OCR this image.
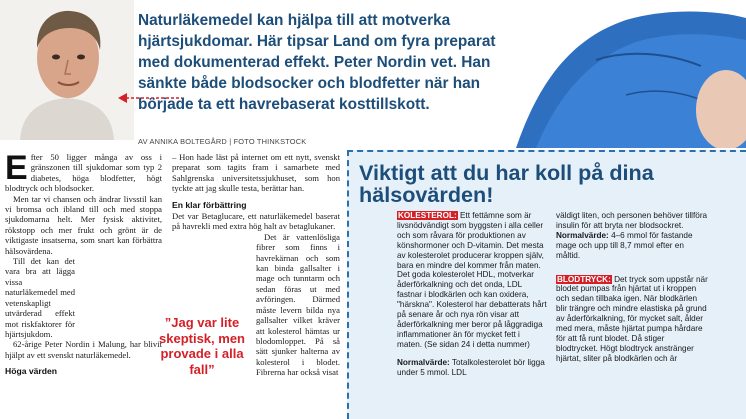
Naturläkemedel kan hjälpa till att motverka hjärtsjukdomar. Här tipsar Land om fyra preparat med dokumenterad effekt. Peter Nordin vet. Han sänkte både blodsocker och blodfetter när han började ta ett havrebaserat kosttillskott.
AV ANNIKA BOLTEGÅRD | FOTO THINKSTOCK

Efter 50 ligger många av oss i gränszonen till sjukdomar som typ 2 diabetes, höga blodfetter, högt blodtryck och blodsocker.

Men tar vi chansen och ändrar livsstil kan vi bromsa och ibland till och med stoppa sjukdomarna helt. Mer fysisk aktivitet, rökstopp och mer frukt och grönt är de viktigaste insatserna, som snart kan förbättra hälsovärdena.

Till det kan det vara bra att lägga vissa naturläkemedel med vetenskapligt utvärderad effekt mot riskfaktorer för hjärtsjukdom.

62-årige Peter Nordin i Malung, har blivit hjälpt av ett svenskt naturläkemedel.

Höga värden

– Hon hade läst på internet om ett nytt, svenskt preparat som tagits fram i samarbete med Sahlgrenska universitetssjukhuset, som hon tyckte att jag skulle testa, berättar han.

En klar förbättring

Det var Betaglucare, ett naturläkemedel baserat på havrekli med extra hög halt av betaglukaner.

Det är vattenlösliga fibrer som finns i havrekärnan och som kan binda gallsalter i mage och tunntarm och sedan föras ut med avföringen. Därmed måste levern bilda nya gallsalter vilket kräver att kolesterol hämtas ur blodomloppet. På så sätt sjunker halterna av kolesterol i blodet. Fibrerna har också visat

”Jag var lite skeptisk, men provade i alla fall”
Viktigt att du har koll på dina hälsovärden!

KOLESTEROL: Ett fettämne som är livsnödvändigt som byggsten i alla celler och som råvara för produktionen av könshormoner och D-vitamin. Det mesta av kolesterolet producerar kroppen själv, bara en mindre del kommer från maten. Det goda kolesterolet HDL, motverkar åderförkalkning och det onda, LDL fastnar i blodkärlen och kan oxidera, "härskna". Kolesterol har debatterats hårt på senare år och nya rön visar att åderförkalkning mer beror på låggradiga inflammationer än för mycket fett i maten. (Se sidan 24 i detta nummer)

Normalvärde: Totalkolesterolet bör ligga under 5 mmol. LDL

väldigt liten, och personen behöver tillföra insulin för att bryta ner blodsockret.

Normalvärde: 4–6 mmol för fastande mage och upp till 8,7 mmol efter en måltid.

BLODTRYCK: Det tryck som uppstår när blodet pumpas från hjärtat ut i kroppen och sedan tillbaka igen. När blodkärlen blir trängre och mindre elastiska på grund av åderförkalkning, för mycket salt, ålder med mera, måste hjärtat pumpa hårdare för att få runt blodet. Då stiger blodtrycket. Högt blodtryck anstränger hjärtat, sliter på blodkärlen och är
